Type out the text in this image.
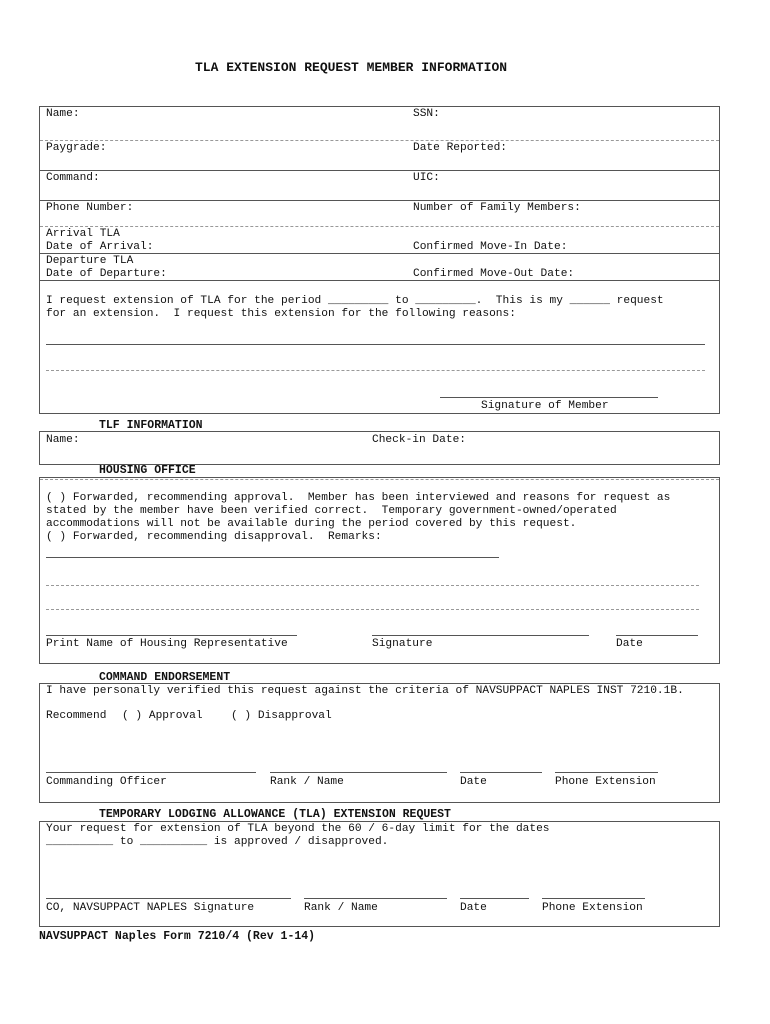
TLA EXTENSION REQUEST MEMBER INFORMATION
Name:	SSN:
Paygrade:	Date Reported:
Command:	UIC:
Phone Number:	Number of Family Members:
Arrival TLA
Date of Arrival:	Confirmed Move-In Date:
Departure TLA
Date of Departure:	Confirmed Move-Out Date:
I request extension of TLA for the period _________ to _________.  This is my ______ request
for an extension.  I request this extension for the following reasons:
Signature of Member
TLF INFORMATION
Name:	Check-in Date:
HOUSING OFFICE
( ) Forwarded, recommending approval.  Member has been interviewed and reasons for request as
stated by the member have been verified correct.  Temporary government-owned/operated
accommodations will not be available during the period covered by this request.
( ) Forwarded, recommending disapproval.  Remarks:
Print Name of Housing Representative	Signature	Date
COMMAND ENDORSEMENT
I have personally verified this request against the criteria of NAVSUPPACT NAPLES INST 7210.1B.
Recommend ( ) Approval	( ) Disapproval
Commanding Officer	Rank / Name	Date	Phone Extension
TEMPORARY LODGING ALLOWANCE (TLA) EXTENSION REQUEST
Your request for extension of TLA beyond the 60 / 6-day limit for the dates
__________ to __________ is approved / disapproved.
CO, NAVSUPPACT NAPLES Signature	Rank / Name	Date	Phone Extension
NAVSUPPACT Naples Form 7210/4 (Rev 1-14)
